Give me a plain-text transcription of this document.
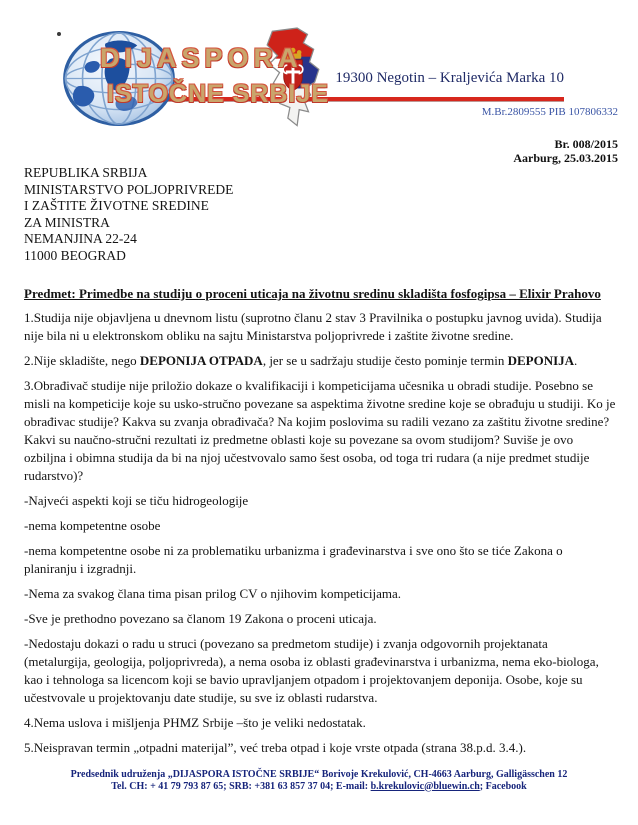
19300 Negotin – Kraljevića Marka 10
DIJASPORA
ISTOČNE SRBIJE
M.Br.2809555 PIB 107806332
Br. 008/2015
Aarburg, 25.03.2015
REPUBLIKA SRBIJA
MINISTARSTVO POLJOPRIVREDE
I ZAŠTITE ŽIVOTNE SREDINE
ZA MINISTRA
NEMANJINA 22-24
11000 BEOGRAD
Predmet: Primedbe na studiju o proceni uticaja na životnu sredinu skladišta fosfogipsa – Elixir Prahovo

1.Studija nije objavljena u dnevnom listu (suprotno članu 2 stav 3 Pravilnika o postupku javnog uvida). Studija nije bila ni u elektronskom obliku na sajtu Ministarstva poljoprivrede i zaštite životne sredine.

2.Nije skladište, nego DEPONIJA OTPADA, jer se u sadržaju studije često pominje termin DEPONIJA.

3.Obrađivač studije nije priložio dokaze o kvalifikaciji i kompeticijama učesnika u obradi studije. Posebno se misli na kompeticije koje su usko-stručno povezane sa aspektima životne sredine koje se obrađuju u studiji. Ko je obrađivac studije? Kakva su zvanja obrađivača? Na kojim poslovima su radili vezano za zaštitu životne sredine? Kakvi su naučno-stručni rezultati iz predmetne oblasti koje su povezane sa ovom studijom? Suviše je ovo ozbiljna i obimna studija da bi na njoj učestvovalo samo šest osoba, od toga tri rudara (a nije predmet studije rudarstvo)?

-Najveći aspekti koji se tiču hidrogeologije

-nema kompetentne osobe

-nema kompetentne osobe ni za problematiku urbanizma i građevinarstva i sve ono što se tiće Zakona o planiranju i izgradnji.

-Nema za svakog člana tima pisan prilog CV o njihovim kompeticijama.

-Sve je prethodno povezano sa članom 19 Zakona o proceni uticaja.

-Nedostaju dokazi o radu u struci (povezano sa predmetom studije) i zvanja odgovornih projektanata (metalurgija, geologija, poljoprivreda), a nema osoba iz oblasti građevinarstva i urbanizma, nema eko-biologa, kao i tehnologa sa licencom koji se bavio upravljanjem otpadom i projektovanjem deponija. Osobe, koje su učestvovale u projektovanju date studije, su sve iz oblasti rudarstva.

4.Nema uslova i mišljenja PHMZ Srbije –što je veliki nedostatak.

5.Neispravan termin „otpadni materijal”, već treba otpad i koje vrste otpada (strana 38.p.d. 3.4.).

Predsednik udruženja „DIJASPORA ISTOČNE SRBIJE“ Borivoje Krekulović, CH-4663 Aarburg, Galligässchen 12
Tel. CH: + 41 79 793 87 65; SRB: +381 63 857 37 04; E-mail: b.krekulovic@bluewin.ch; Facebook
